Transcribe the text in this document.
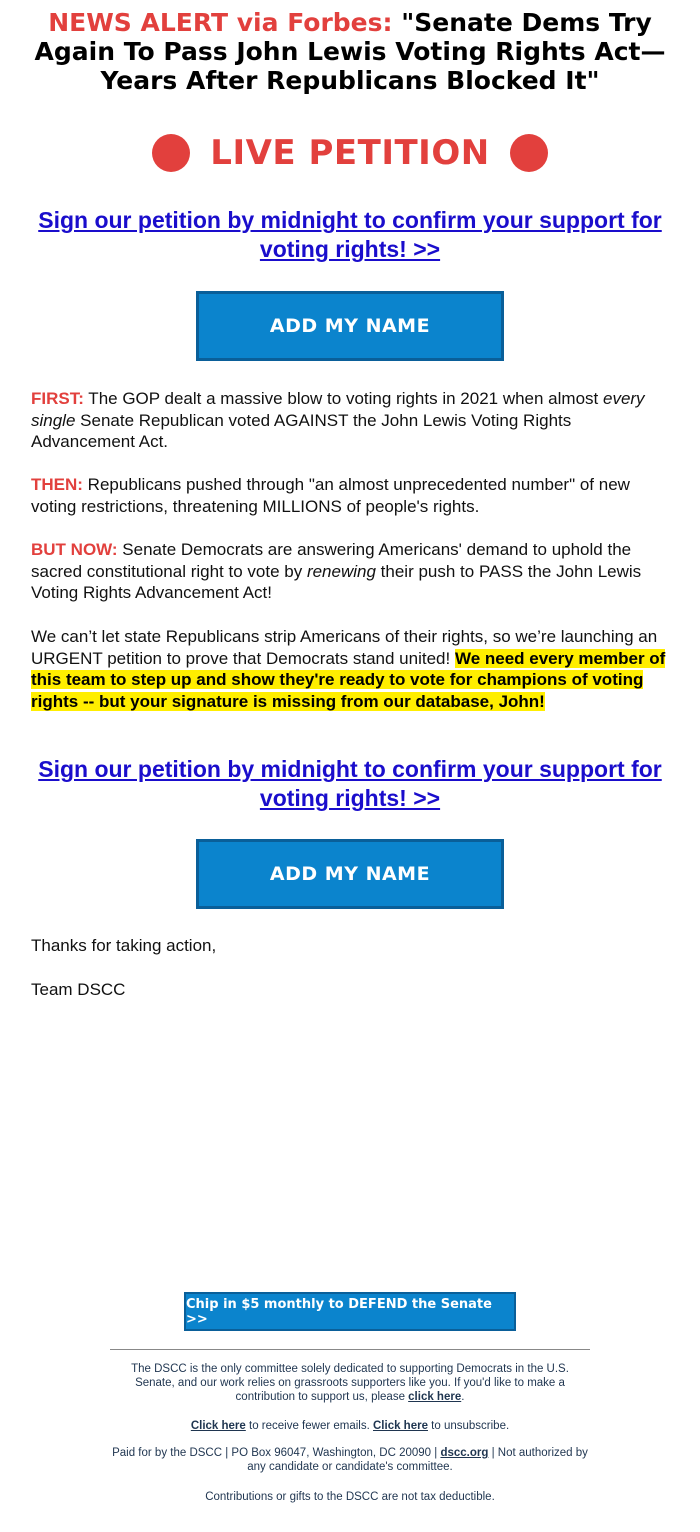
NEWS ALERT via Forbes: "Senate Dems Try Again To Pass John Lewis Voting Rights Act—Years After Republicans Blocked It"
LIVE PETITION
Sign our petition by midnight to confirm your support for voting rights! >>
ADD MY NAME
FIRST: The GOP dealt a massive blow to voting rights in 2021 when almost every single Senate Republican voted AGAINST the John Lewis Voting Rights Advancement Act.
THEN: Republicans pushed through "an almost unprecedented number" of new voting restrictions, threatening MILLIONS of people's rights.
BUT NOW: Senate Democrats are answering Americans' demand to uphold the sacred constitutional right to vote by renewing their push to PASS the John Lewis Voting Rights Advancement Act!
We can’t let state Republicans strip Americans of their rights, so we’re launching an URGENT petition to prove that Democrats stand united! We need every member of this team to step up and show they're ready to vote for champions of voting rights -- but your signature is missing from our database, John!
Sign our petition by midnight to confirm your support for voting rights! >>
ADD MY NAME
Thanks for taking action,
Team DSCC
Chip in $5 monthly to DEFEND the Senate >>
The DSCC is the only committee solely dedicated to supporting Democrats in the U.S. Senate, and our work relies on grassroots supporters like you. If you'd like to make a contribution to support us, please click here.
Click here to receive fewer emails. Click here to unsubscribe.
Paid for by the DSCC | PO Box 96047, Washington, DC 20090 | dscc.org | Not authorized by any candidate or candidate's committee.
Contributions or gifts to the DSCC are not tax deductible.
